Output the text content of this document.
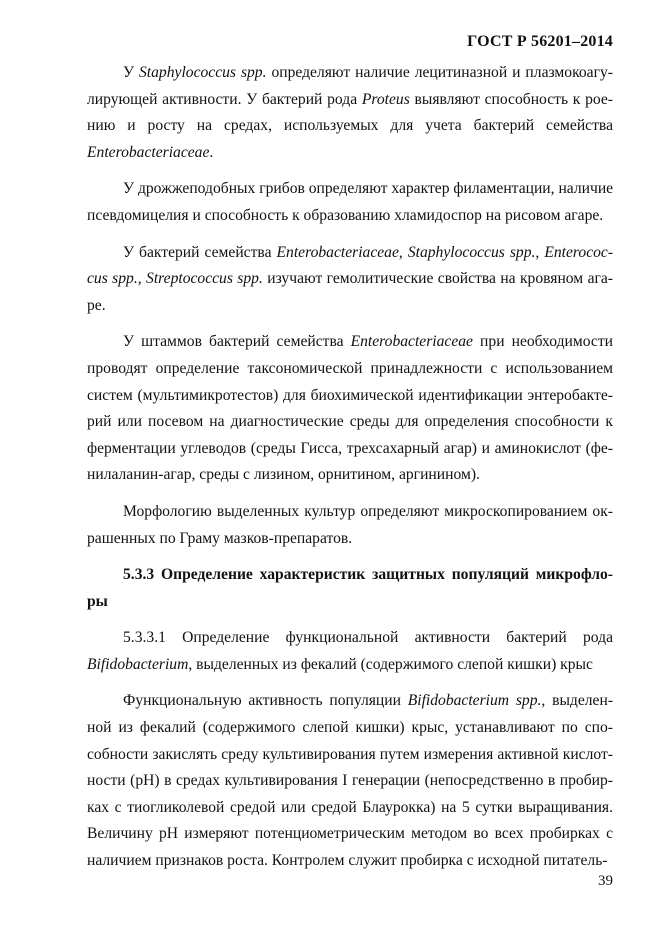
ГОСТ Р 56201–2014
У Staphylococcus spp. определяют наличие лецитиназной и плазмокоагу-
лирующей активности. У бактерий рода Proteus выявляют способность к рое-
нию и росту на средах, используемых для учета бактерий семейства
Enterobacteriaceae.
У дрожжеподобных грибов определяют характер филаментации, наличие
псевдомицелия и способность к образованию хламидоспор на рисовом агаре.
У бактерий семейства Enterobacteriaceae, Staphylococcus spp., Enterococ-
cus spp., Streptococcus spp. изучают гемолитические свойства на кровяном ага-
ре.
У штаммов бактерий семейства Enterobacteriaceae при необходимости
проводят определение таксономической принадлежности с использованием
систем (мультимикротестов) для биохимической идентификации энтеробакте-
рий или посевом на диагностические среды для определения способности к
ферментации углеводов (среды Гисса, трехсахарный агар) и аминокислот (фе-
нилаланин-агар, среды с лизином, орнитином, аргинином).
Морфологию выделенных культур определяют микроскопированием ок-
рашенных по Граму мазков-препаратов.
5.3.3 Определение характеристик защитных популяций микрофло-
ры
5.3.3.1 Определение функциональной активности бактерий рода
Bifidobacterium, выделенных из фекалий (содержимого слепой кишки) крыс
Функциональную активность популяции Bifidobacterium spp., выделен-
ной из фекалий (содержимого слепой кишки) крыс, устанавливают по спо-
собности закислять среду культивирования путем измерения активной кислот-
ности (рН) в средах культивирования I генерации (непосредственно в пробир-
ках с тиогликолевой средой или средой Блаурокка) на 5 сутки выращивания.
Величину рН измеряют потенциометрическим методом во всех пробирках с
наличием признаков роста. Контролем служит пробирка с исходной питатель-
39
